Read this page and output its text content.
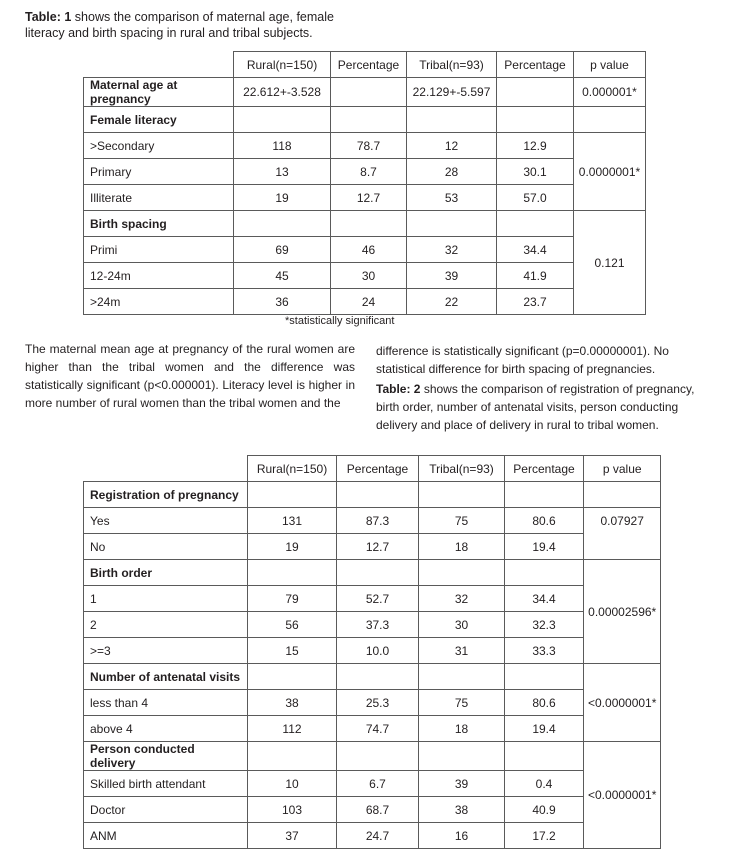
Table: 1 shows the comparison of maternal age, female literacy and birth spacing in rural and tribal subjects.
	Rural(n=150)	Percentage	Tribal(n=93)	Percentage	p value
Maternal age at pregnancy	22.612+-3.528		22.129+-5.597		0.000001*
Female literacy					
>Secondary	118	78.7	12	12.9	0.0000001*
Primary	13	8.7	28	30.1	
Illiterate	19	12.7	53	57.0	
Birth spacing					0.121
Primi	69	46	32	34.4	
12-24m	45	30	39	41.9	
>24m	36	24	22	23.7	
*statistically significant
The maternal mean age at pregnancy of the rural women are higher than the tribal women and the difference was statistically significant (p<0.000001). Literacy level is higher in more number of rural women than the tribal women and the

difference is statistically significant (p=0.00000001). No statistical difference for birth spacing of pregnancies.

Table: 2 shows the comparison of registration of pregnancy, birth order, number of antenatal visits, person conducting delivery and place of delivery in rural to tribal women.

	Rural(n=150)	Percentage	Tribal(n=93)	Percentage	p value
Registration of pregnancy					
Yes	131	87.3	75	80.6	0.07927
No	19	12.7	18	19.4	
Birth order					0.00002596*
1	79	52.7	32	34.4	
2	56	37.3	30	32.3	
>=3	15	10.0	31	33.3	
Number of antenatal visits					<0.0000001*
less than 4	38	25.3	75	80.6	
above 4	112	74.7	18	19.4	
Person conducted delivery					<0.0000001*
Skilled birth attendant	10	6.7	39	0.4	
Doctor	103	68.7	38	40.9	
ANM	37	24.7	16	17.2	
